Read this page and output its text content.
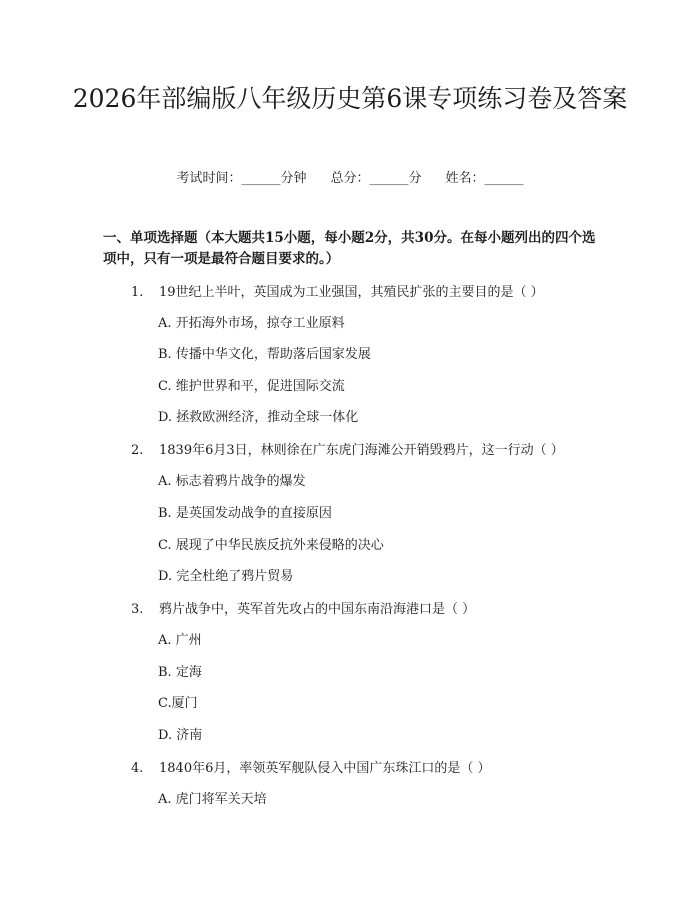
2026年部编版八年级历史第6课专项练习卷及答案
考试时间：______分钟 总分：______分 姓名：______
一、单项选择题（本大题共15小题，每小题2分，共30分。在每小题列出的四个选项中，只有一项是最符合题目要求的。）
1. 19世纪上半叶，英国成为工业强国，其殖民扩张的主要目的是（ ）
A. 开拓海外市场，掠夺工业原料
B. 传播中华文化，帮助落后国家发展
C. 维护世界和平，促进国际交流
D. 拯救欧洲经济，推动全球一体化
2. 1839年6月3日，林则徐在广东虎门海滩公开销毁鸦片，这一行动（ ）
A. 标志着鸦片战争的爆发
B. 是英国发动战争的直接原因
C. 展现了中华民族反抗外来侵略的决心
D. 完全杜绝了鸦片贸易
3. 鸦片战争中，英军首先攻占的中国东南沿海港口是（ ）
A. 广州
B. 定海
C.厦门
D. 济南
4. 1840年6月，率领英军舰队侵入中国广东珠江口的是（ ）
A. 虎门将军关天培
